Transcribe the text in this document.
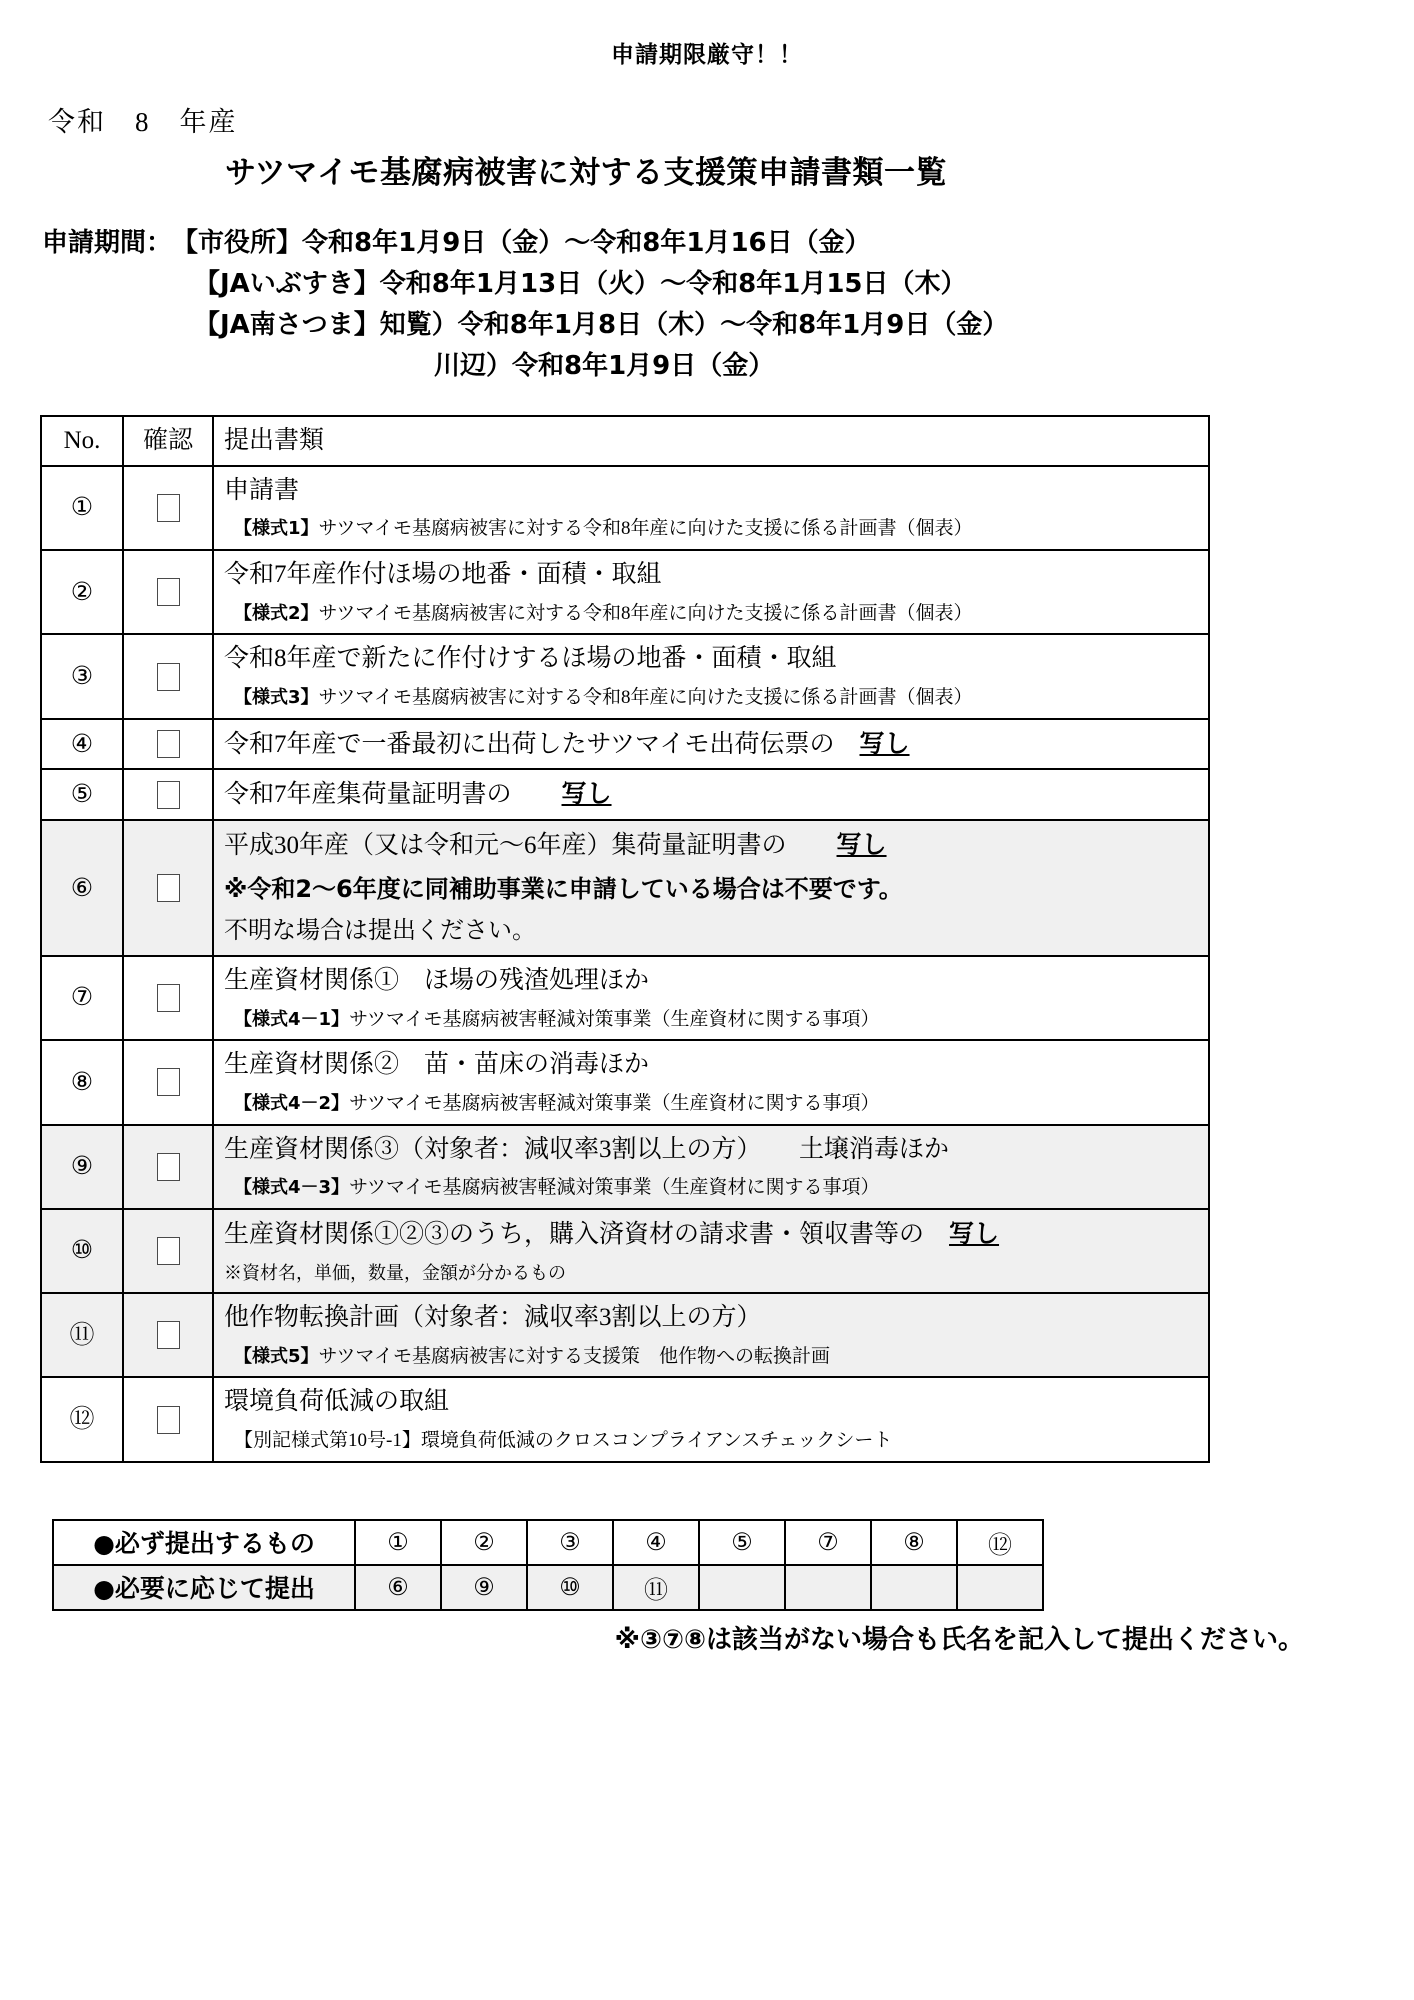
申請期限厳守！！
令和　8　年産
サツマイモ基腐病被害に対する支援策申請書類一覧
申請期間：【市役所】令和8年1月9日（金）～令和8年1月16日（金）
【JAいぶすき】令和8年1月13日（火）～令和8年1月15日（木）
【JA南さつま】知覧）令和8年1月8日（木）～令和8年1月9日（金）
川辺）令和8年1月9日（金）
No.	確認	提出書類

①		申請書
【様式1】サツマイモ基腐病被害に対する令和8年産に向けた支援に係る計画書（個表）

②		令和7年産作付ほ場の地番・面積・取組
【様式2】サツマイモ基腐病被害に対する令和8年産に向けた支援に係る計画書（個表）

③		令和8年産で新たに作付けするほ場の地番・面積・取組
【様式3】サツマイモ基腐病被害に対する令和8年産に向けた支援に係る計画書（個表）

④		令和7年産で一番最初に出荷したサツマイモ出荷伝票の　写し

⑤		令和7年産集荷量証明書の　　写し

⑥		平成30年産（又は令和元～6年産）集荷量証明書の　　写し
※令和2～6年度に同補助事業に申請している場合は不要です。
不明な場合は提出ください。

⑦		生産資材関係①　ほ場の残渣処理ほか
【様式4－1】サツマイモ基腐病被害軽減対策事業（生産資材に関する事項）

⑧		生産資材関係②　苗・苗床の消毒ほか
【様式4－2】サツマイモ基腐病被害軽減対策事業（生産資材に関する事項）

⑨		生産資材関係③（対象者：減収率3割以上の方）　　土壌消毒ほか
【様式4－3】サツマイモ基腐病被害軽減対策事業（生産資材に関する事項）

⑩		生産資材関係①②③のうち，購入済資材の請求書・領収書等の　写し
※資材名，単価，数量，金額が分かるもの

⑪		他作物転換計画（対象者：減収率3割以上の方）
【様式5】サツマイモ基腐病被害に対する支援策　他作物への転換計画

⑫		環境負荷低減の取組
【別記様式第10号-1】環境負荷低減のクロスコンプライアンスチェックシート
●必ず提出するもの	①	②	③	④	⑤	⑦	⑧	⑫
●必要に応じて提出	⑥	⑨	⑩	⑪				
※③⑦⑧は該当がない場合も氏名を記入して提出ください。
